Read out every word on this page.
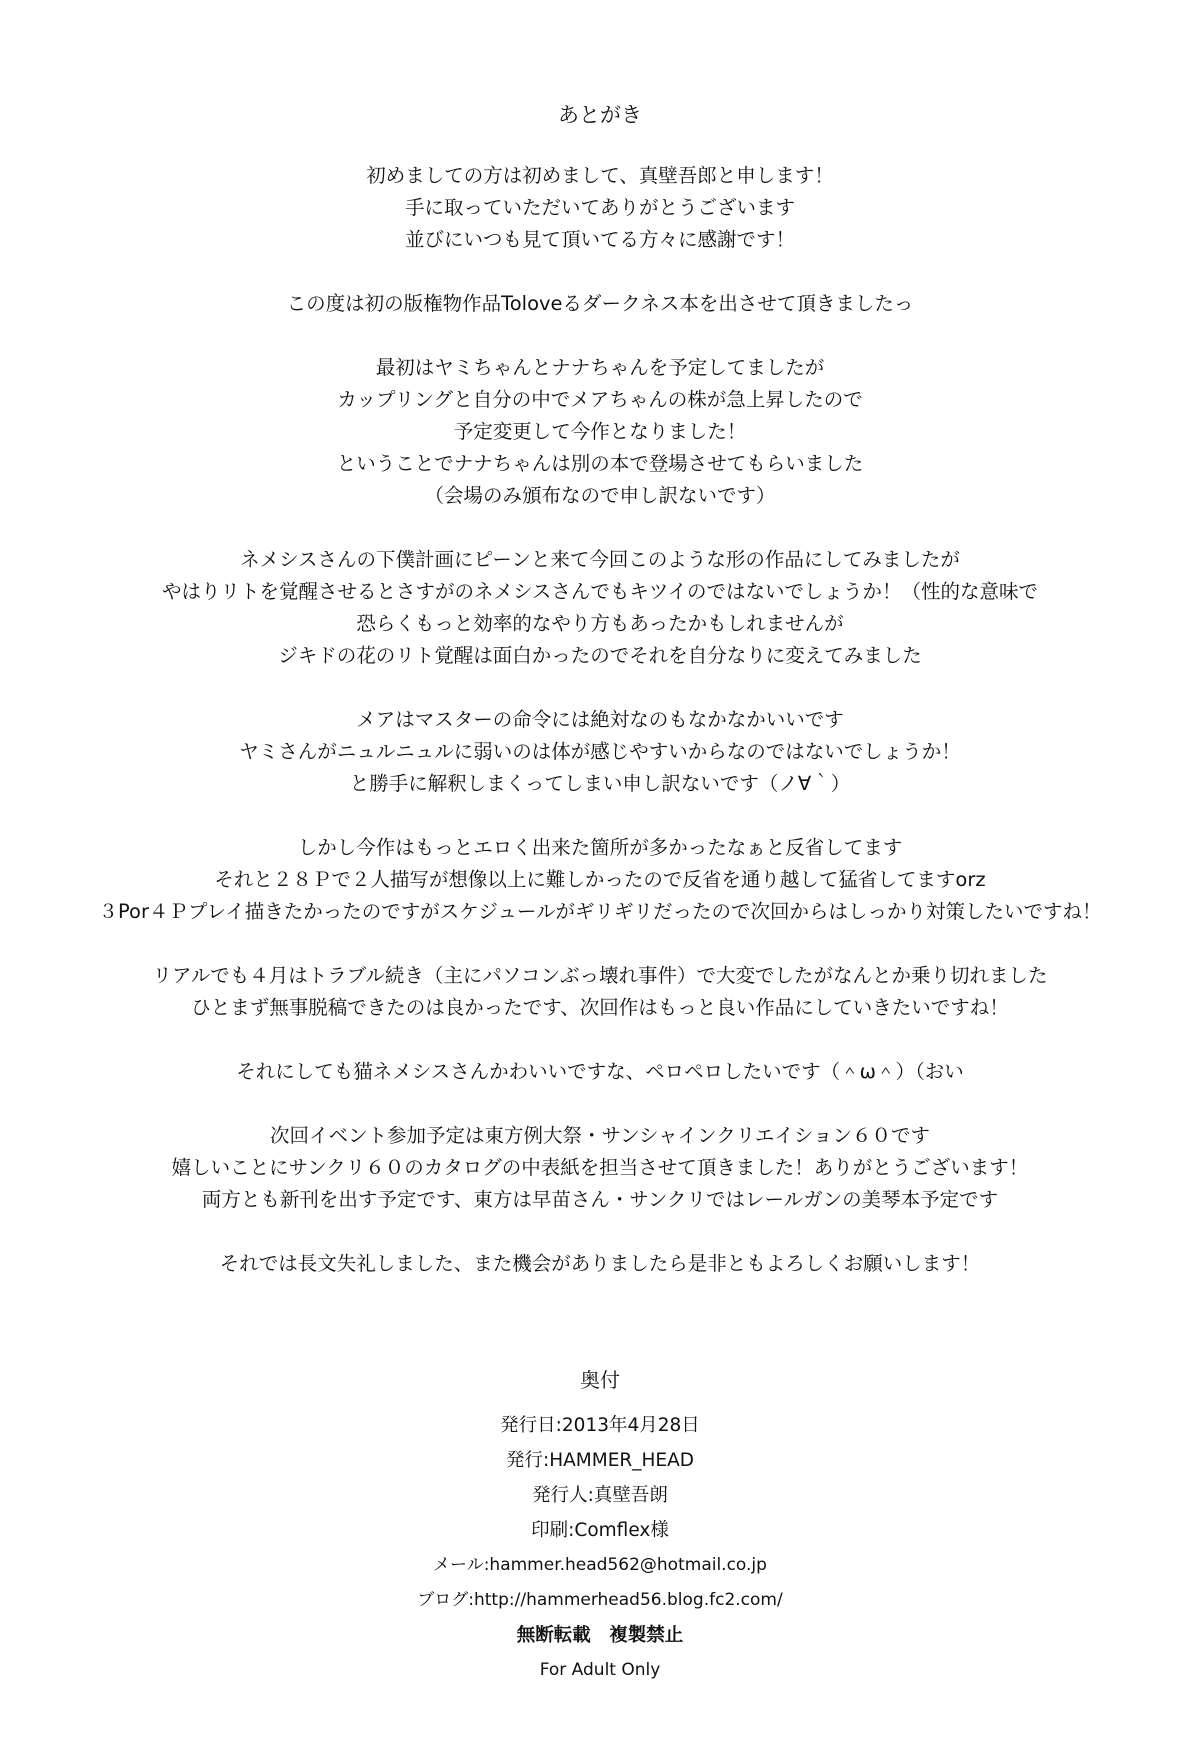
あとがき
初めましての方は初めまして、真壁吾郎と申します！
手に取っていただいてありがとうございます
並びにいつも見て頂いてる方々に感謝です！
この度は初の版権物作品Toloveるダークネス本を出させて頂きましたっ
最初はヤミちゃんとナナちゃんを予定してましたが
カップリングと自分の中でメアちゃんの株が急上昇したので
予定変更して今作となりました！
ということでナナちゃんは別の本で登場させてもらいました
（会場のみ頒布なので申し訳ないです）
ネメシスさんの下僕計画にピーンと来て今回このような形の作品にしてみましたが
やはりリトを覚醒させるとさすがのネメシスさんでもキツイのではないでしょうか！（性的な意味で
恐らくもっと効率的なやり方もあったかもしれませんが
ジキドの花のリト覚醒は面白かったのでそれを自分なりに変えてみました
メアはマスターの命令には絶対なのもなかなかいいです
ヤミさんがニュルニュルに弱いのは体が感じやすいからなのではないでしょうか！
と勝手に解釈しまくってしまい申し訳ないです（ノ∀｀）
しかし今作はもっとエロく出来た箇所が多かったなぁと反省してます
それと２８Ｐで２人描写が想像以上に難しかったので反省を通り越して猛省してますorz
３Por４Ｐプレイ描きたかったのですがスケジュールがギリギリだったので次回からはしっかり対策したいですね！
リアルでも４月はトラブル続き（主にパソコンぶっ壊れ事件）で大変でしたがなんとか乗り切れました
ひとまず無事脱稿できたのは良かったです、次回作はもっと良い作品にしていきたいですね！
それにしても猫ネメシスさんかわいいですな、ペロペロしたいです（＾ω＾）（おい
次回イベント参加予定は東方例大祭・サンシャインクリエイション６０です
嬉しいことにサンクリ６０のカタログの中表紙を担当させて頂きました！ありがとうございます！
両方とも新刊を出す予定です、東方は早苗さん・サンクリではレールガンの美琴本予定です
それでは長文失礼しました、また機会がありましたら是非ともよろしくお願いします！
奥付
発行日:2013年4月28日
発行:HAMMER_HEAD
発行人:真壁吾朗
印刷:Comflex様
メール:hammer.head562@hotmail.co.jp
ブログ:http://hammerhead56.blog.fc2.com/
無断転載　複製禁止
For Adult Only
